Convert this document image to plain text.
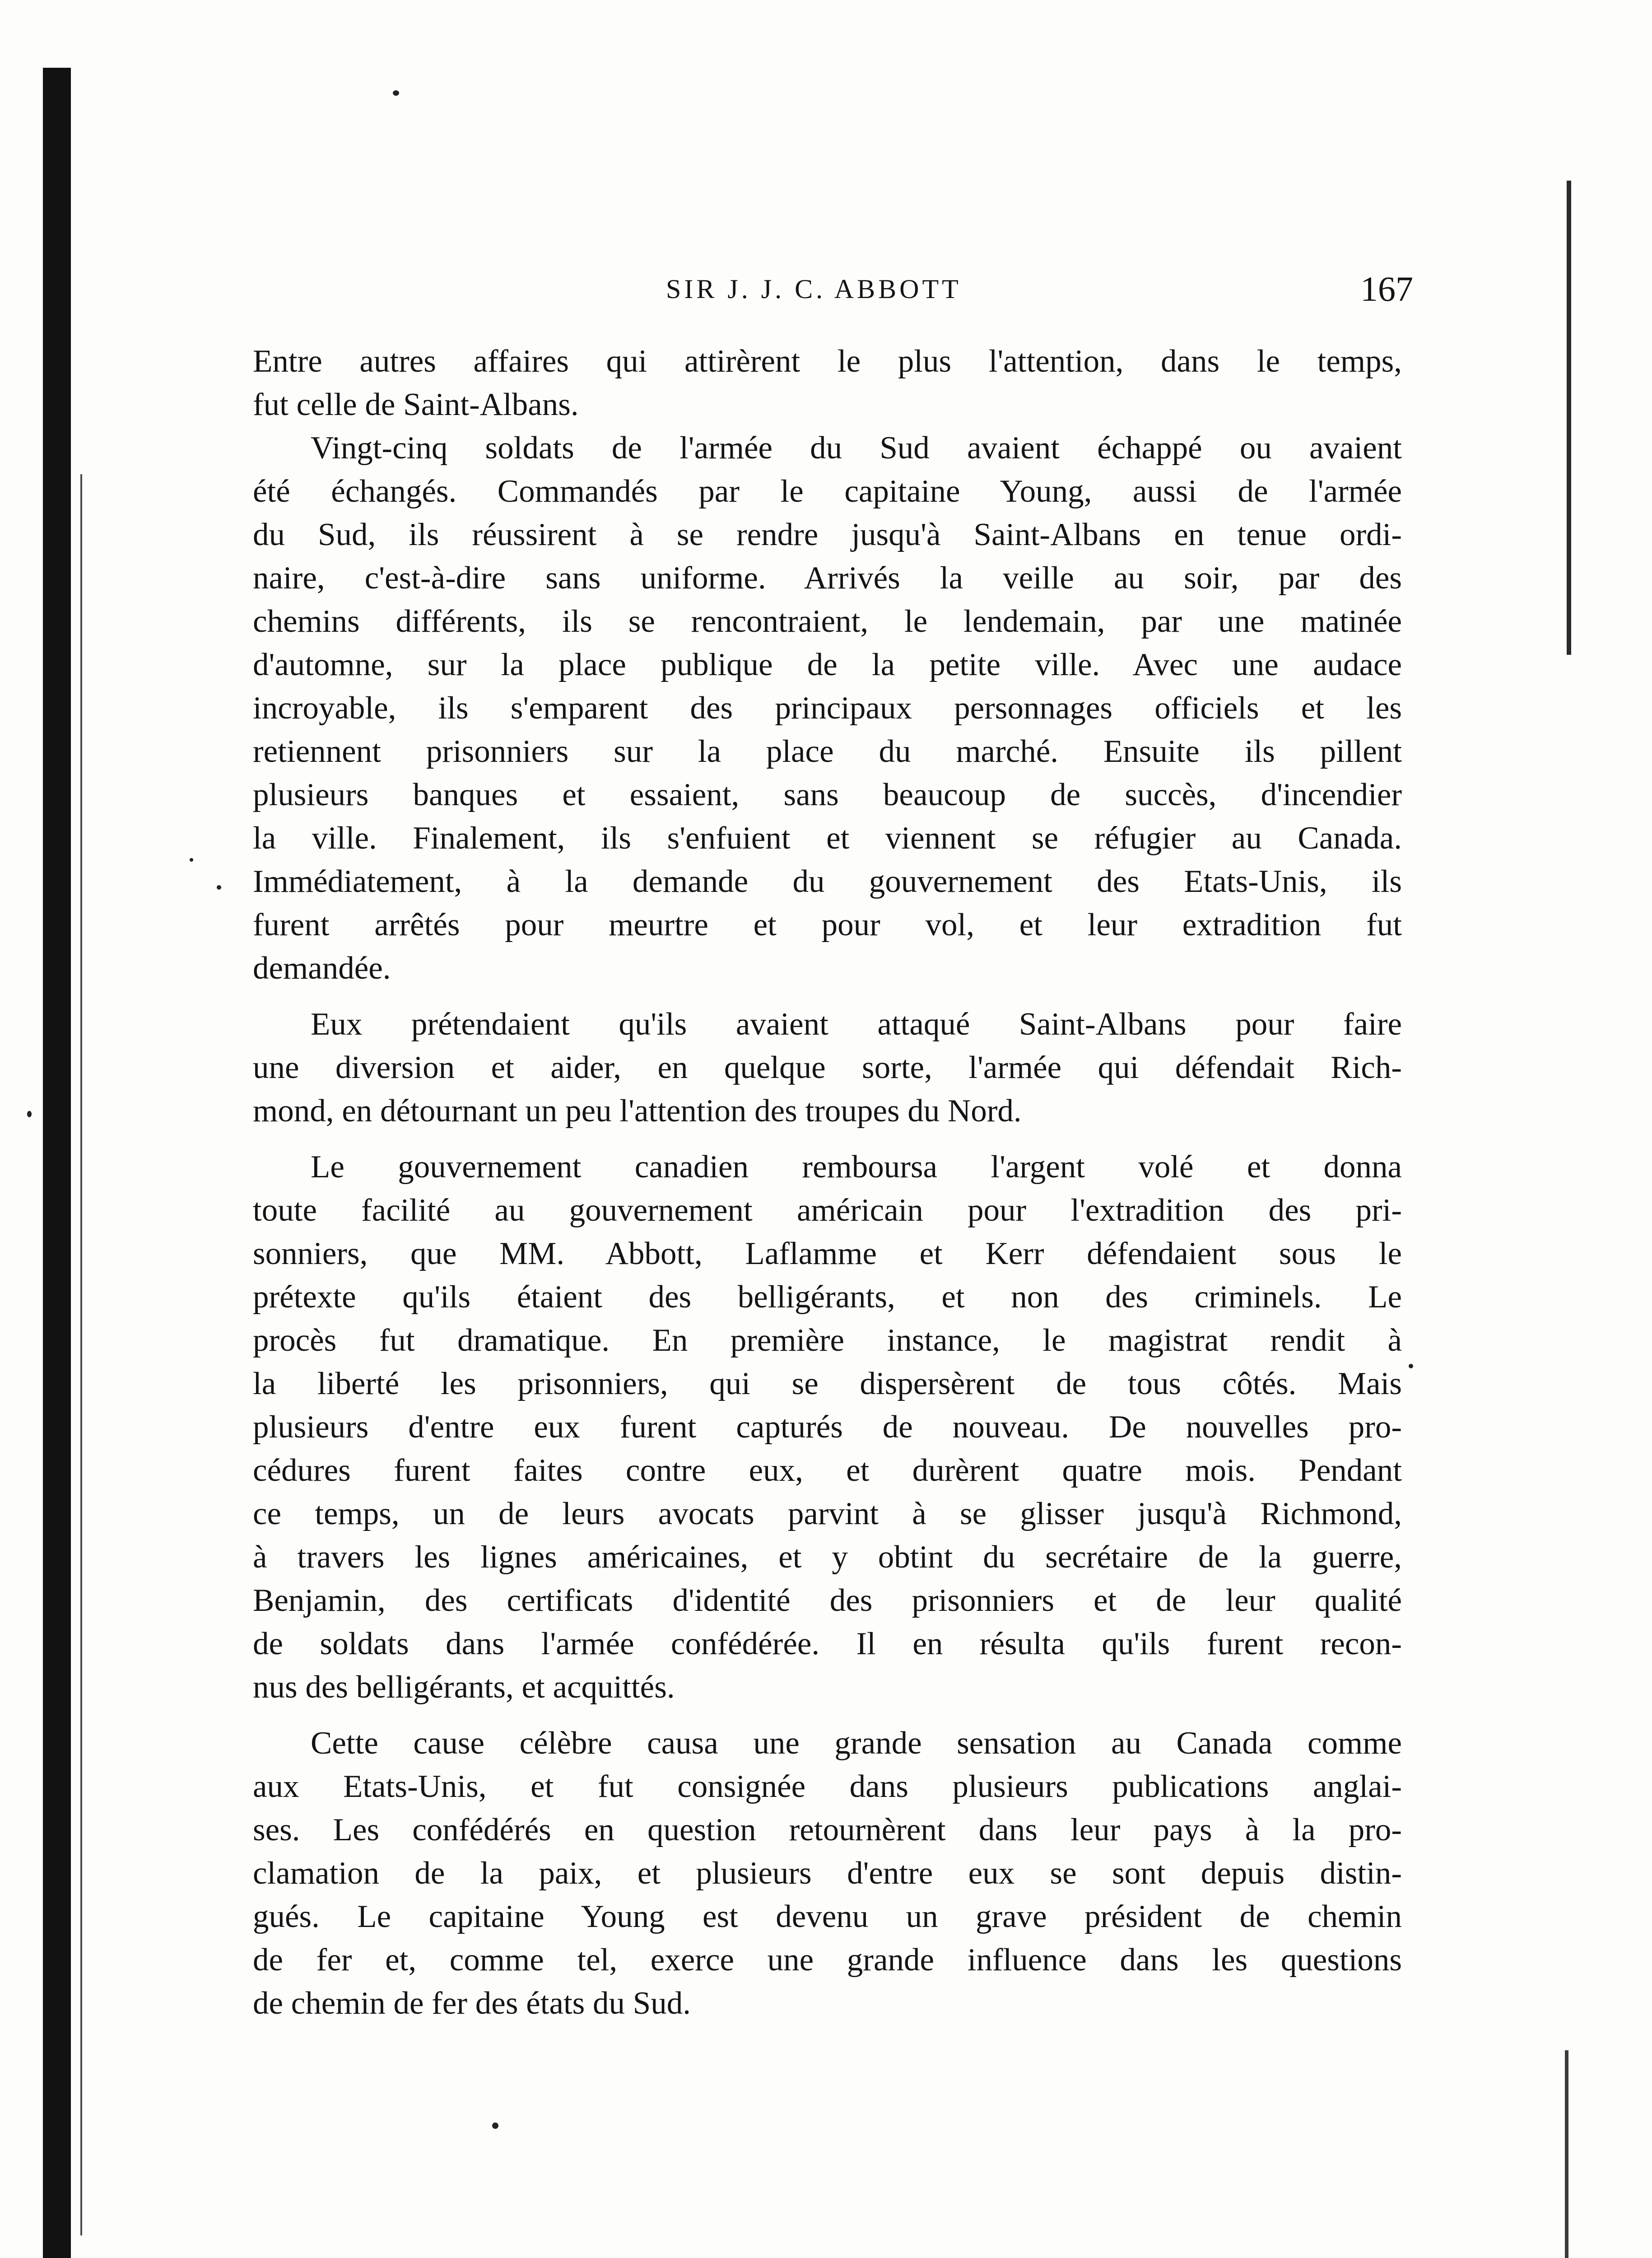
SIR J. J. C. ABBOTT	167
Entre autres affaires qui attirèrent le plus l'attention, dans le temps,
fut celle de Saint-Albans.
Vingt-cinq soldats de l'armée du Sud avaient échappé ou avaient
été échangés. Commandés par le capitaine Young, aussi de l'armée
du Sud, ils réussirent à se rendre jusqu'à Saint-Albans en tenue ordi-
naire, c'est-à-dire sans uniforme. Arrivés la veille au soir, par des
chemins différents, ils se rencontraient, le lendemain, par une matinée
d'automne, sur la place publique de la petite ville. Avec une audace
incroyable, ils s'emparent des principaux personnages officiels et les
retiennent prisonniers sur la place du marché. Ensuite ils pillent
plusieurs banques et essaient, sans beaucoup de succès, d'incendier
la ville. Finalement, ils s'enfuient et viennent se réfugier au Canada.
Immédiatement, à la demande du gouvernement des Etats-Unis, ils
furent arrêtés pour meurtre et pour vol, et leur extradition fut
demandée.
Eux prétendaient qu'ils avaient attaqué Saint-Albans pour faire
une diversion et aider, en quelque sorte, l'armée qui défendait Rich-
mond, en détournant un peu l'attention des troupes du Nord.
Le gouvernement canadien remboursa l'argent volé et donna
toute facilité au gouvernement américain pour l'extradition des pri-
sonniers, que MM. Abbott, Laflamme et Kerr défendaient sous le
prétexte qu'ils étaient des belligérants, et non des criminels. Le
procès fut dramatique. En première instance, le magistrat rendit à
la liberté les prisonniers, qui se dispersèrent de tous côtés. Mais
plusieurs d'entre eux furent capturés de nouveau. De nouvelles pro-
cédures furent faites contre eux, et durèrent quatre mois. Pendant
ce temps, un de leurs avocats parvint à se glisser jusqu'à Richmond,
à travers les lignes américaines, et y obtint du secrétaire de la guerre,
Benjamin, des certificats d'identité des prisonniers et de leur qualité
de soldats dans l'armée confédérée. Il en résulta qu'ils furent recon-
nus des belligérants, et acquittés.
Cette cause célèbre causa une grande sensation au Canada comme
aux Etats-Unis, et fut consignée dans plusieurs publications anglai-
ses. Les confédérés en question retournèrent dans leur pays à la pro-
clamation de la paix, et plusieurs d'entre eux se sont depuis distin-
gués. Le capitaine Young est devenu un grave président de chemin
de fer et, comme tel, exerce une grande influence dans les questions
de chemin de fer des états du Sud.
